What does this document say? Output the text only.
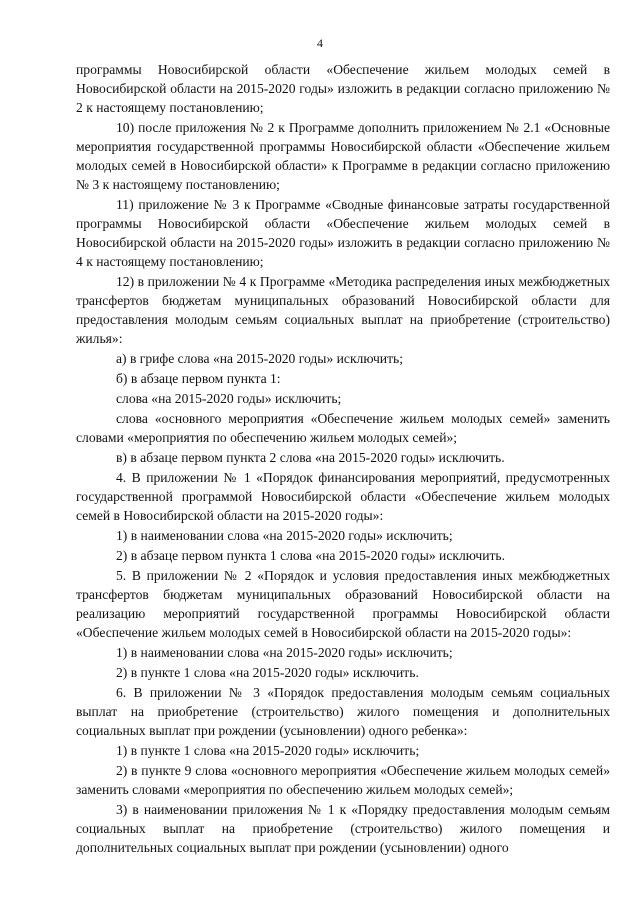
4

программы Новосибирской области «Обеспечение жильем молодых семей в Новосибирской области на 2015-2020 годы» изложить в редакции согласно приложению № 2 к настоящему постановлению;

10) после приложения № 2 к Программе дополнить приложением № 2.1 «Основные мероприятия государственной программы Новосибирской области «Обеспечение жильем молодых семей в Новосибирской области» к Программе в редакции согласно приложению № 3 к настоящему постановлению;

11) приложение № 3 к Программе «Сводные финансовые затраты государственной программы Новосибирской области «Обеспечение жильем молодых семей в Новосибирской области на 2015-2020 годы» изложить в редакции согласно приложению № 4 к настоящему постановлению;

12) в приложении № 4 к Программе «Методика распределения иных межбюджетных трансфертов бюджетам муниципальных образований Новосибирской области для предоставления молодым семьям социальных выплат на приобретение (строительство) жилья»:

а) в грифе слова «на 2015-2020 годы» исключить;

б) в абзаце первом пункта 1:

слова «на 2015-2020 годы» исключить;

слова «основного мероприятия «Обеспечение жильем молодых семей» заменить словами «мероприятия по обеспечению жильем молодых семей»;

в) в абзаце первом пункта 2 слова «на 2015-2020 годы» исключить.

4. В приложении № 1 «Порядок финансирования мероприятий, предусмотренных государственной программой Новосибирской области «Обеспечение жильем молодых семей в Новосибирской области на 2015-2020 годы»:

1) в наименовании слова «на 2015-2020 годы» исключить;

2) в абзаце первом пункта 1 слова «на 2015-2020 годы» исключить.

5. В приложении № 2 «Порядок и условия предоставления иных межбюджетных трансфертов бюджетам муниципальных образований Новосибирской области на реализацию мероприятий государственной программы Новосибирской области «Обеспечение жильем молодых семей в Новосибирской области на 2015-2020 годы»:

1) в наименовании слова «на 2015-2020 годы» исключить;

2) в пункте 1 слова «на 2015-2020 годы» исключить.

6. В приложении № 3 «Порядок предоставления молодым семьям социальных выплат на приобретение (строительство) жилого помещения и дополнительных социальных выплат при рождении (усыновлении) одного ребенка»:

1) в пункте 1 слова «на 2015-2020 годы» исключить;

2) в пункте 9 слова «основного мероприятия «Обеспечение жильем молодых семей» заменить словами «мероприятия по обеспечению жильем молодых семей»;

3) в наименовании приложения № 1 к «Порядку предоставления молодым семьям социальных выплат на приобретение (строительство) жилого помещения и дополнительных социальных выплат при рождении (усыновлении) одного
